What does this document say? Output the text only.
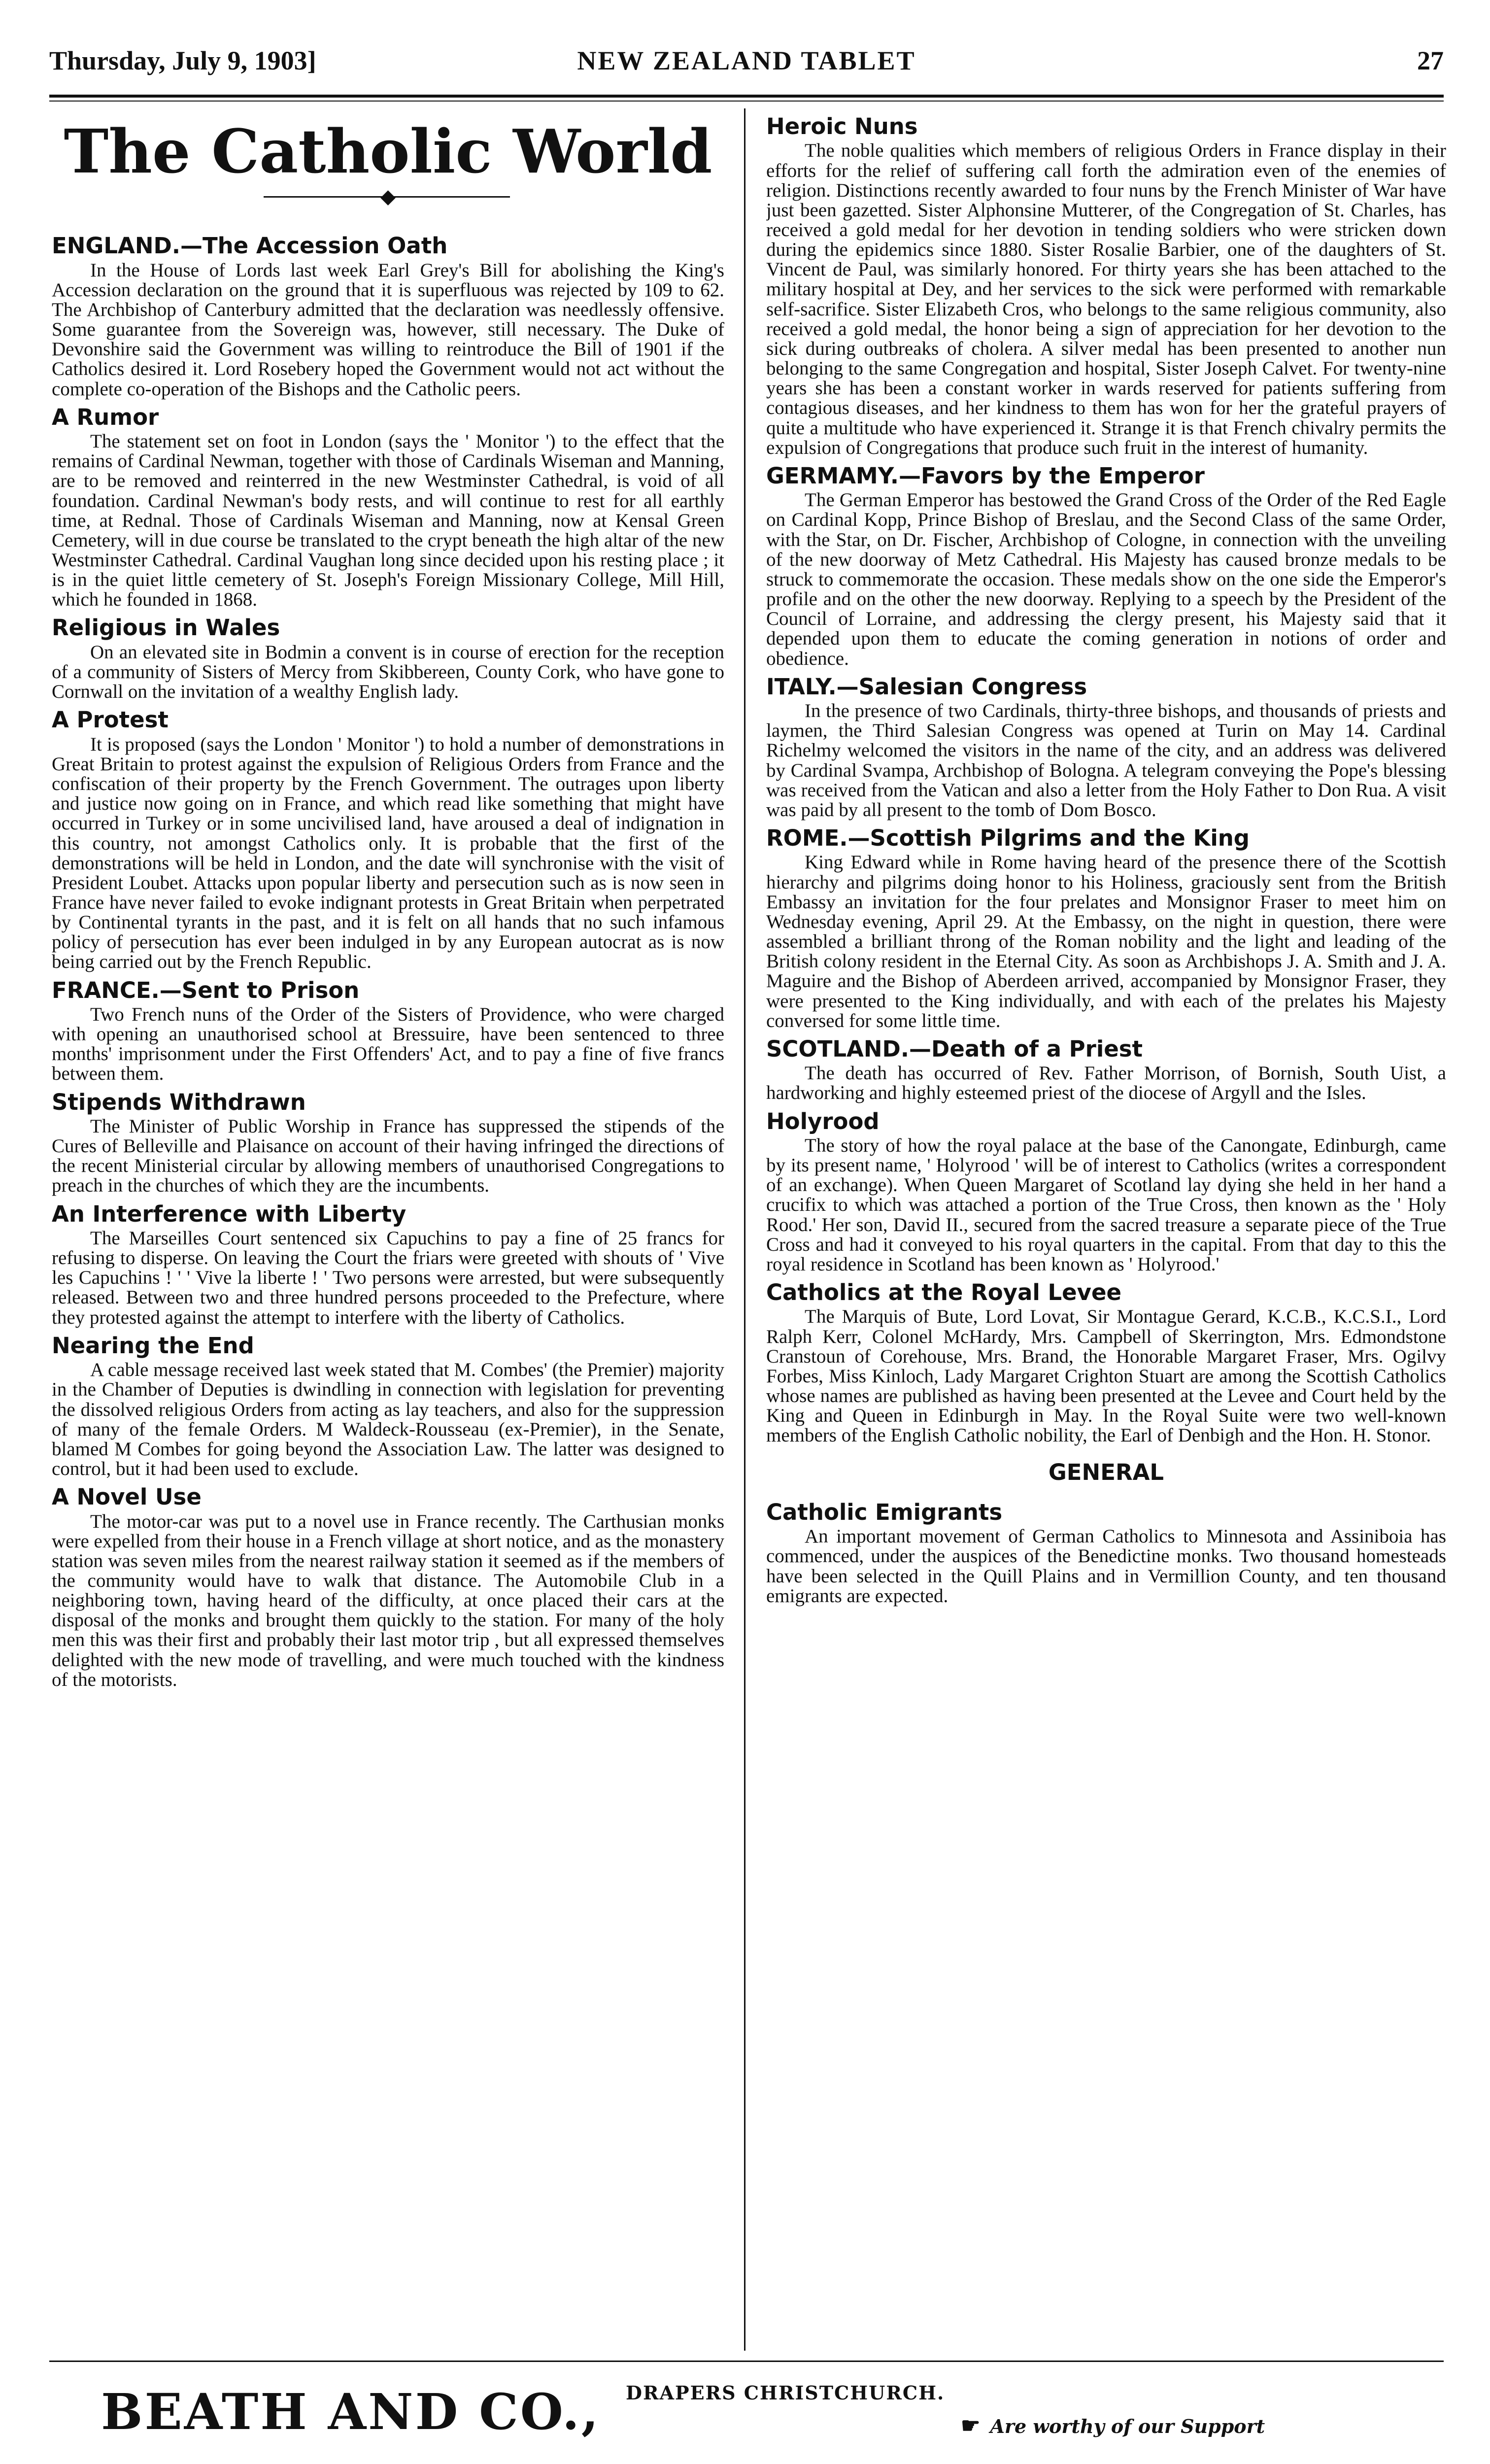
NEW ZEALAND TABLET
Thursday, July 9, 1903]	27
The Catholic World
◆
ENGLAND.—The Accession Oath

In the House of Lords last week Earl Grey's Bill for abolishing the King's Accession declaration on the ground that it is superfluous was rejected by 109 to 62. The Archbishop of Canterbury admitted that the declaration was needlessly offensive. Some guarantee from the Sovereign was, however, still necessary. The Duke of Devonshire said the Government was willing to reintroduce the Bill of 1901 if the Catholics desired it. Lord Rosebery hoped the Government would not act without the complete co-operation of the Bishops and the Catholic peers.

A Rumor

The statement set on foot in London (says the ' Monitor ') to the effect that the remains of Cardinal Newman, together with those of Cardinals Wiseman and Manning, are to be removed and reinterred in the new Westminster Cathedral, is void of all foundation. Cardinal Newman's body rests, and will continue to rest for all earthly time, at Rednal. Those of Cardinals Wiseman and Manning, now at Kensal Green Cemetery, will in due course be translated to the crypt beneath the high altar of the new Westminster Cathedral. Cardinal Vaughan long since decided upon his resting place ; it is in the quiet little cemetery of St. Joseph's Foreign Missionary College, Mill Hill, which he founded in 1868.

Religious in Wales

On an elevated site in Bodmin a convent is in course of erection for the reception of a community of Sisters of Mercy from Skibbereen, County Cork, who have gone to Cornwall on the invitation of a wealthy English lady.

A Protest

It is proposed (says the London ' Monitor ') to hold a number of demonstrations in Great Britain to protest against the expulsion of Religious Orders from France and the confiscation of their property by the French Government. The outrages upon liberty and justice now going on in France, and which read like something that might have occurred in Turkey or in some uncivilised land, have aroused a deal of indignation in this country, not amongst Catholics only. It is probable that the first of the demonstrations will be held in London, and the date will synchronise with the visit of President Loubet. Attacks upon popular liberty and persecution such as is now seen in France have never failed to evoke indignant protests in Great Britain when perpetrated by Continental tyrants in the past, and it is felt on all hands that no such infamous policy of persecution has ever been indulged in by any European autocrat as is now being carried out by the French Republic.

FRANCE.—Sent to Prison

Two French nuns of the Order of the Sisters of Providence, who were charged with opening an unauthorised school at Bressuire, have been sentenced to three months' imprisonment under the First Offenders' Act, and to pay a fine of five francs between them.

Stipends Withdrawn

The Minister of Public Worship in France has suppressed the stipends of the Cures of Belleville and Plaisance on account of their having infringed the directions of the recent Ministerial circular by allowing members of unauthorised Congregations to preach in the churches of which they are the incumbents.

An Interference with Liberty

The Marseilles Court sentenced six Capuchins to pay a fine of 25 francs for refusing to disperse. On leaving the Court the friars were greeted with shouts of ' Vive les Capuchins ! ' ' Vive la liberte ! ' Two persons were arrested, but were subsequently released. Between two and three hundred persons proceeded to the Prefecture, where they protested against the attempt to interfere with the liberty of Catholics.

Nearing the End

A cable message received last week stated that M. Combes' (the Premier) majority in the Chamber of Deputies is dwindling in connection with legislation for preventing the dissolved religious Orders from acting as lay teachers, and also for the suppression of many of the female Orders. M Waldeck-Rousseau (ex-Premier), in the Senate, blamed M Combes for going beyond the Association Law. The latter was designed to control, but it had been used to exclude.

A Novel Use

The motor-car was put to a novel use in France recently. The Carthusian monks were expelled from their house in a French village at short notice, and as the monastery station was seven miles from the nearest railway station it seemed as if the members of the community would have to walk that distance. The Automobile Club in a neighboring town, having heard of the difficulty, at once placed their cars at the disposal of the monks and brought them quickly to the station. For many of the holy men this was their first and probably their last motor trip , but all expressed themselves delighted with the new mode of travelling, and were much touched with the kindness of the motorists.

Heroic Nuns

The noble qualities which members of religious Orders in France display in their efforts for the relief of suffering call forth the admiration even of the enemies of religion. Distinctions recently awarded to four nuns by the French Minister of War have just been gazetted. Sister Alphonsine Mutterer, of the Congregation of St. Charles, has received a gold medal for her devotion in tending soldiers who were stricken down during the epidemics since 1880. Sister Rosalie Barbier, one of the daughters of St. Vincent de Paul, was similarly honored. For thirty years she has been attached to the military hospital at Dey, and her services to the sick were performed with remarkable self-sacrifice. Sister Elizabeth Cros, who belongs to the same religious community, also received a gold medal, the honor being a sign of appreciation for her devotion to the sick during outbreaks of cholera. A silver medal has been presented to another nun belonging to the same Congregation and hospital, Sister Joseph Calvet. For twenty-nine years she has been a constant worker in wards reserved for patients suffering from contagious diseases, and her kindness to them has won for her the grateful prayers of quite a multitude who have experienced it. Strange it is that French chivalry permits the expulsion of Congregations that produce such fruit in the interest of humanity.

GERMAMY.—Favors by the Emperor

The German Emperor has bestowed the Grand Cross of the Order of the Red Eagle on Cardinal Kopp, Prince Bishop of Breslau, and the Second Class of the same Order, with the Star, on Dr. Fischer, Archbishop of Cologne, in connection with the unveiling of the new doorway of Metz Cathedral. His Majesty has caused bronze medals to be struck to commemorate the occasion. These medals show on the one side the Emperor's profile and on the other the new doorway. Replying to a speech by the President of the Council of Lorraine, and addressing the clergy present, his Majesty said that it depended upon them to educate the coming generation in notions of order and obedience.

ITALY.—Salesian Congress

In the presence of two Cardinals, thirty-three bishops, and thousands of priests and laymen, the Third Salesian Congress was opened at Turin on May 14. Cardinal Richelmy welcomed the visitors in the name of the city, and an address was delivered by Cardinal Svampa, Archbishop of Bologna. A telegram conveying the Pope's blessing was received from the Vatican and also a letter from the Holy Father to Don Rua. A visit was paid by all present to the tomb of Dom Bosco.

ROME.—Scottish Pilgrims and the King

King Edward while in Rome having heard of the presence there of the Scottish hierarchy and pilgrims doing honor to his Holiness, graciously sent from the British Embassy an invitation for the four prelates and Monsignor Fraser to meet him on Wednesday evening, April 29. At the Embassy, on the night in question, there were assembled a brilliant throng of the Roman nobility and the light and leading of the British colony resident in the Eternal City. As soon as Archbishops J. A. Smith and J. A. Maguire and the Bishop of Aberdeen arrived, accompanied by Monsignor Fraser, they were presented to the King individually, and with each of the prelates his Majesty conversed for some little time.

SCOTLAND.—Death of a Priest

The death has occurred of Rev. Father Morrison, of Bornish, South Uist, a hardworking and highly esteemed priest of the diocese of Argyll and the Isles.

Holyrood

The story of how the royal palace at the base of the Canongate, Edinburgh, came by its present name, ' Holyrood ' will be of interest to Catholics (writes a correspondent of an exchange). When Queen Margaret of Scotland lay dying she held in her hand a crucifix to which was attached a portion of the True Cross, then known as the ' Holy Rood.' Her son, David II., secured from the sacred treasure a separate piece of the True Cross and had it conveyed to his royal quarters in the capital. From that day to this the royal residence in Scotland has been known as ' Holyrood.'

Catholics at the Royal Levee

The Marquis of Bute, Lord Lovat, Sir Montague Gerard, K.C.B., K.C.S.I., Lord Ralph Kerr, Colonel McHardy, Mrs. Campbell of Skerrington, Mrs. Edmondstone Cranstoun of Corehouse, Mrs. Brand, the Honorable Margaret Fraser, Mrs. Ogilvy Forbes, Miss Kinloch, Lady Margaret Crighton Stuart are among the Scottish Catholics whose names are published as having been presented at the Levee and Court held by the King and Queen in Edinburgh in May. In the Royal Suite were two well-known members of the English Catholic nobility, the Earl of Denbigh and the Hon. H. Stonor.

GENERAL
Catholic Emigrants

An important movement of German Catholics to Minnesota and Assiniboia has commenced, under the auspices of the Benedictine monks. Two thousand homesteads have been selected in the Quill Plains and in Vermillion County, and ten thousand emigrants are expected.

BEATH AND CO., DRAPERS CHRISTCHURCH.
☛ Are worthy of our Support
